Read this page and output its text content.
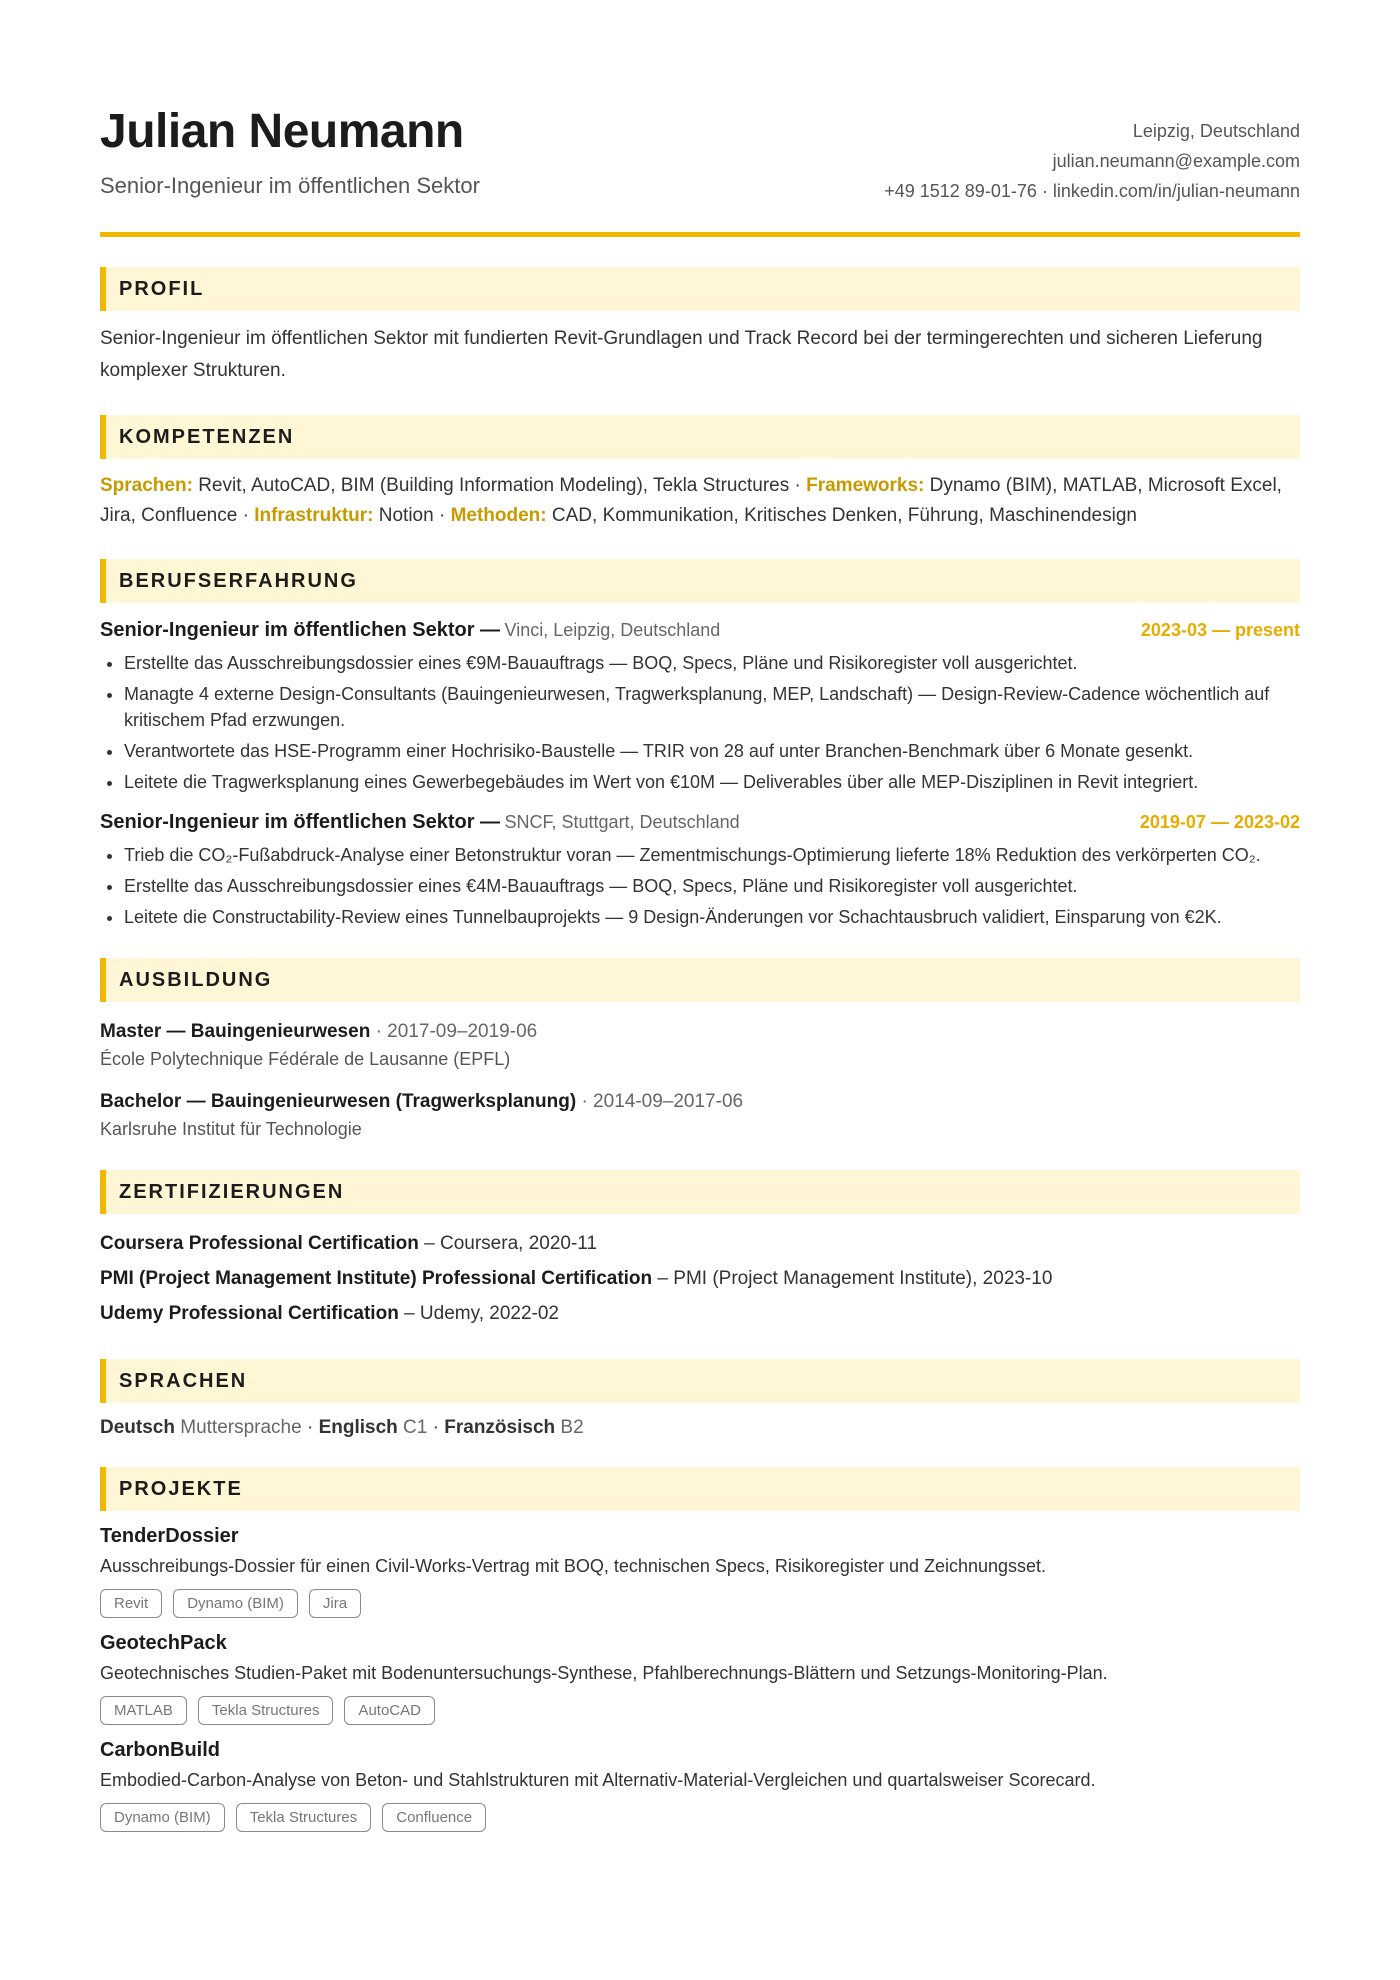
Julian Neumann
Senior-Ingenieur im öffentlichen Sektor
Leipzig, Deutschland
julian.neumann@example.com
+49 1512 89-01-76 · linkedin.com/in/julian-neumann
PROFIL
Senior-Ingenieur im öffentlichen Sektor mit fundierten Revit-Grundlagen und Track Record bei der termingerechten und sicheren Lieferung komplexer Strukturen.
KOMPETENZEN
Sprachen: Revit, AutoCAD, BIM (Building Information Modeling), Tekla Structures · Frameworks: Dynamo (BIM), MATLAB, Microsoft Excel, Jira, Confluence · Infrastruktur: Notion · Methoden: CAD, Kommunikation, Kritisches Denken, Führung, Maschinendesign
BERUFSERFAHRUNG
Senior-Ingenieur im öffentlichen Sektor — Vinci, Leipzig, Deutschland	2023-03 — present
• Erstellte das Ausschreibungsdossier eines €9M-Bauauftrags — BOQ, Specs, Pläne und Risikoregister voll ausgerichtet.
• Managte 4 externe Design-Consultants (Bauingenieurwesen, Tragwerksplanung, MEP, Landschaft) — Design-Review-Cadence wöchentlich auf kritischem Pfad erzwungen.
• Verantwortete das HSE-Programm einer Hochrisiko-Baustelle — TRIR von 28 auf unter Branchen-Benchmark über 6 Monate gesenkt.
• Leitete die Tragwerksplanung eines Gewerbegebäudes im Wert von €10M — Deliverables über alle MEP-Disziplinen in Revit integriert.
Senior-Ingenieur im öffentlichen Sektor — SNCF, Stuttgart, Deutschland	2019-07 — 2023-02
• Trieb die CO₂-Fußabdruck-Analyse einer Betonstruktur voran — Zementmischungs-Optimierung lieferte 18% Reduktion des verkörperten CO₂.
• Erstellte das Ausschreibungsdossier eines €4M-Bauauftrags — BOQ, Specs, Pläne und Risikoregister voll ausgerichtet.
• Leitete die Constructability-Review eines Tunnelbauprojekts — 9 Design-Änderungen vor Schachtausbruch validiert, Einsparung von €2K.
AUSBILDUNG
Master — Bauingenieurwesen · 2017-09–2019-06
École Polytechnique Fédérale de Lausanne (EPFL)
Bachelor — Bauingenieurwesen (Tragwerksplanung) · 2014-09–2017-06
Karlsruhe Institut für Technologie
ZERTIFIZIERUNGEN
Coursera Professional Certification – Coursera, 2020-11
PMI (Project Management Institute) Professional Certification – PMI (Project Management Institute), 2023-10
Udemy Professional Certification – Udemy, 2022-02
SPRACHEN
Deutsch Muttersprache · Englisch C1 · Französisch B2
PROJEKTE
TenderDossier
Ausschreibungs-Dossier für einen Civil-Works-Vertrag mit BOQ, technischen Specs, Risikoregister und Zeichnungsset.
Revit	Dynamo (BIM)	Jira
GeotechPack
Geotechnisches Studien-Paket mit Bodenuntersuchungs-Synthese, Pfahlberechnungs-Blättern und Setzungs-Monitoring-Plan.
MATLAB	Tekla Structures	AutoCAD
CarbonBuild
Embodied-Carbon-Analyse von Beton- und Stahlstrukturen mit Alternativ-Material-Vergleichen und quartalsweiser Scorecard.
Dynamo (BIM)	Tekla Structures	Confluence
